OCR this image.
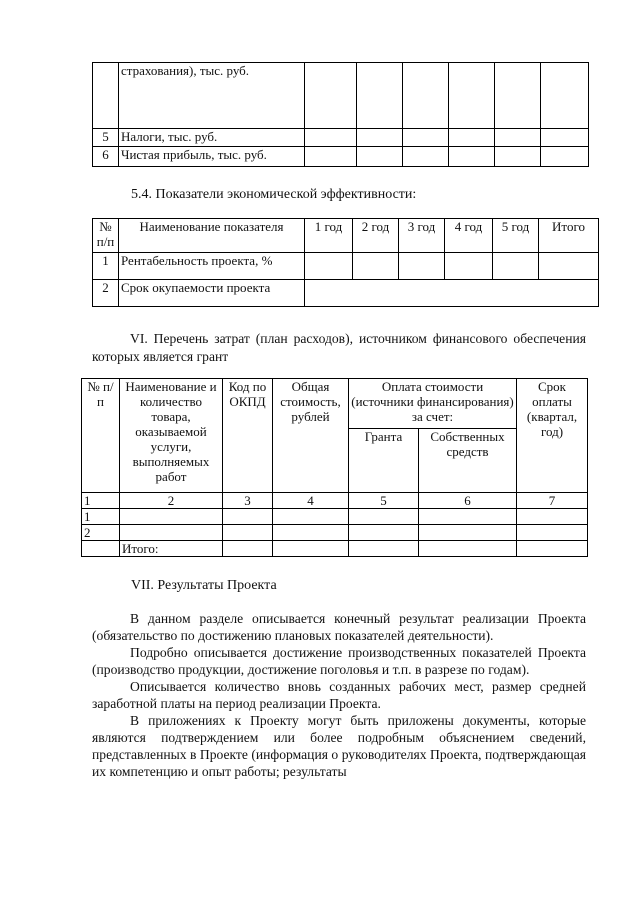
	страхования), тыс. руб.						
5	Налоги, тыс. руб.						
6	Чистая прибыль, тыс. руб.						
5.4. Показатели экономической эффективности:
№ п/п	Наименование показателя	1 год	2 год	3 год	4 год	5 год	Итого
1	Рентабельность проекта, %						
2	Срок окупаемости проекта						
VI. Перечень затрат (план расходов), источником финансового обеспечения которых является грант
№ п/п	Наименование и количество товара, оказываемой услуги, выполняемых работ	Код по ОКПД	Общая стоимость, рублей	Оплата стоимости (источники финансирования) за счет:		Срок оплаты (квартал, год)
				Гранта	Собственных средств	
1	2	3	4	5	6	7
1						
2						
	Итого:					
VII. Результаты Проекта

В данном разделе описывается конечный результат реализации Проекта (обязательство по достижению плановых показателей деятельности).

Подробно описывается достижение производственных показателей Проекта (производство продукции, достижение поголовья и т.п. в разрезе по годам).

Описывается количество вновь созданных рабочих мест, размер средней заработной платы на период реализации Проекта.

В приложениях к Проекту могут быть приложены документы, которые являются подтверждением или более подробным объяснением сведений, представленных в Проекте (информация о руководителях Проекта, подтверждающая их компетенцию и опыт работы; результаты
